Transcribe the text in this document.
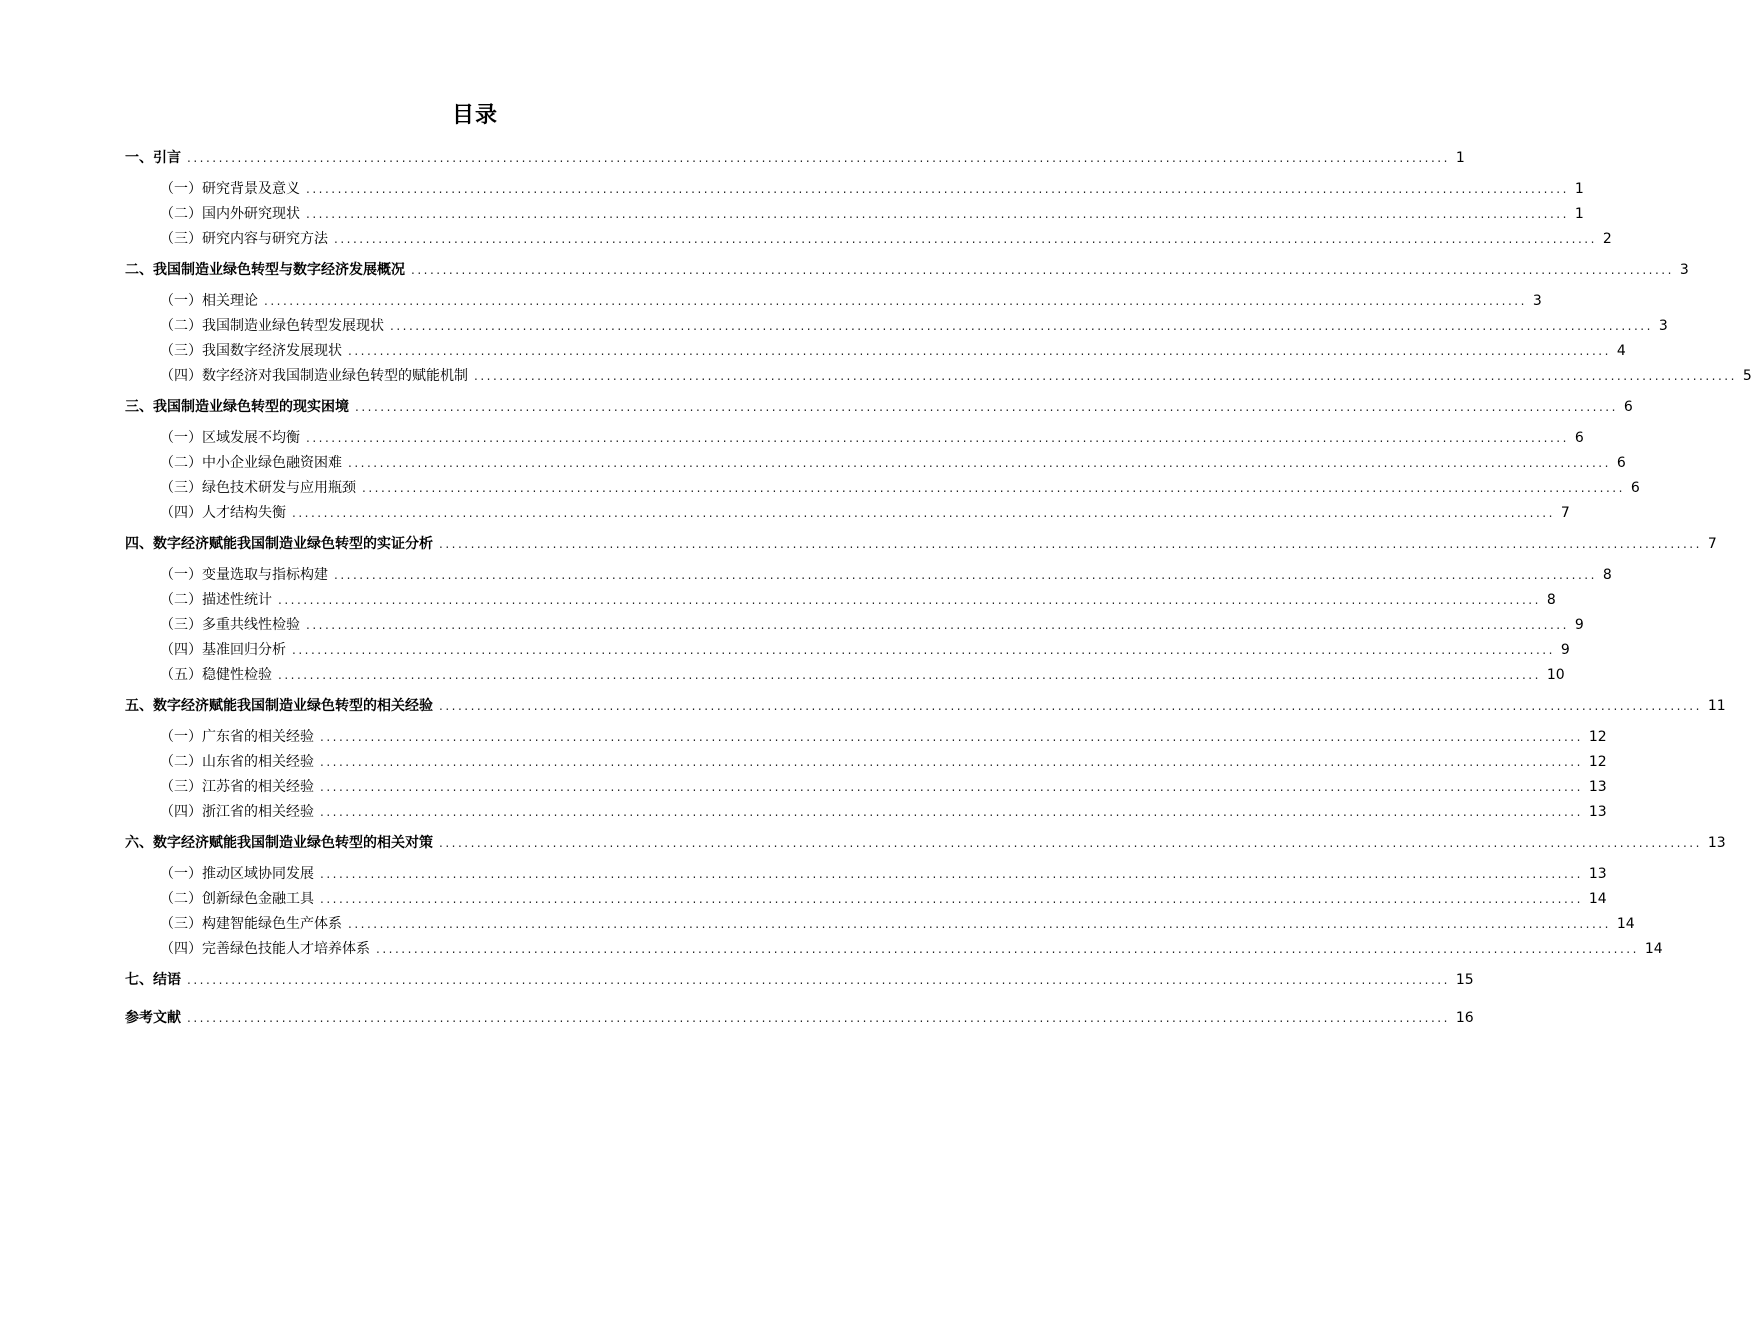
目录
一、引言 ........................................................................................................................................................................................................ 1
（一）研究背景及意义 ........................................................................................................................................................................................................ 1
（二）国内外研究现状 ........................................................................................................................................................................................................ 1
（三）研究内容与研究方法 ........................................................................................................................................................................................................ 2
二、我国制造业绿色转型与数字经济发展概况 ........................................................................................................................................................................................................ 3
（一）相关理论 ........................................................................................................................................................................................................ 3
（二）我国制造业绿色转型发展现状 ........................................................................................................................................................................................................ 3
（三）我国数字经济发展现状 ........................................................................................................................................................................................................ 4
（四）数字经济对我国制造业绿色转型的赋能机制 ........................................................................................................................................................................................................ 5
三、我国制造业绿色转型的现实困境 ........................................................................................................................................................................................................ 6
（一）区域发展不均衡 ........................................................................................................................................................................................................ 6
（二）中小企业绿色融资困难 ........................................................................................................................................................................................................ 6
（三）绿色技术研发与应用瓶颈 ........................................................................................................................................................................................................ 6
（四）人才结构失衡 ........................................................................................................................................................................................................ 7
四、数字经济赋能我国制造业绿色转型的实证分析 ........................................................................................................................................................................................................ 7
（一）变量选取与指标构建 ........................................................................................................................................................................................................ 8
（二）描述性统计 ........................................................................................................................................................................................................ 8
（三）多重共线性检验 ........................................................................................................................................................................................................ 9
（四）基准回归分析 ........................................................................................................................................................................................................ 9
（五）稳健性检验 ........................................................................................................................................................................................................ 10
五、数字经济赋能我国制造业绿色转型的相关经验 ........................................................................................................................................................................................................ 11
（一）广东省的相关经验 ........................................................................................................................................................................................................ 12
（二）山东省的相关经验 ........................................................................................................................................................................................................ 12
（三）江苏省的相关经验 ........................................................................................................................................................................................................ 13
（四）浙江省的相关经验 ........................................................................................................................................................................................................ 13
六、数字经济赋能我国制造业绿色转型的相关对策 ........................................................................................................................................................................................................ 13
（一）推动区域协同发展 ........................................................................................................................................................................................................ 13
（二）创新绿色金融工具 ........................................................................................................................................................................................................ 14
（三）构建智能绿色生产体系 ........................................................................................................................................................................................................ 14
（四）完善绿色技能人才培养体系 ........................................................................................................................................................................................................ 14
七、结语 ........................................................................................................................................................................................................ 15
参考文献 ........................................................................................................................................................................................................ 16
